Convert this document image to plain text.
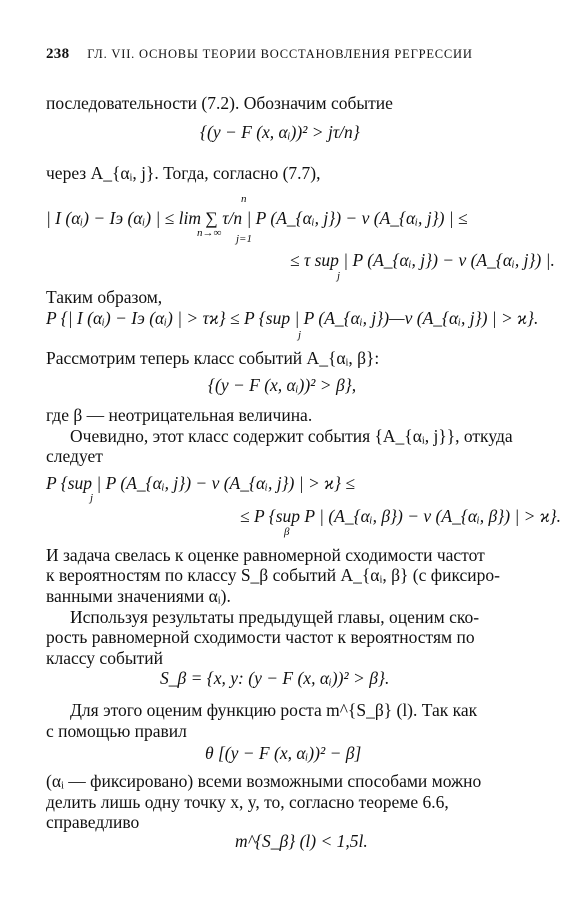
238 ГЛ. VII. ОСНОВЫ ТЕОРИИ ВОССТАНОВЛЕНИЯ РЕГРЕССИИ
последовательности (7.2). Обозначим событие
{(y − F (x, αᵢ))² > jτ/n}
через A_{αᵢ, j}. Тогда, согласно (7.7),
| I (αᵢ) − Iэ (αᵢ) | ≤ lim ∑ τ/n | P (A_{αᵢ, j}) − ν (A_{αᵢ, j}) | ≤
n→∞
n
j=1
≤ τ sup | P (A_{αᵢ, j}) − ν (A_{αᵢ, j}) |.
j
Таким образом,
P {| I (αᵢ) − Iэ (αᵢ) | > τϰ} ≤ P {sup | P (A_{αᵢ, j})—ν (A_{αᵢ, j}) | > ϰ}.
j
Рассмотрим теперь класс событий A_{αᵢ, β}:
{(y − F (x, αᵢ))² > β},
где β — неотрицательная величина.
Очевидно, этот класс содержит события {A_{αᵢ, j}}, откуда
следует
P {sup | P (A_{αᵢ, j}) − ν (A_{αᵢ, j}) | > ϰ} ≤
j
≤ P {sup P | (A_{αᵢ, β}) − ν (A_{αᵢ, β}) | > ϰ}.
β
И задача свелась к оценке равномерной сходимости частот
к вероятностям по классу S_β событий A_{αᵢ, β} (с фиксиро-
ванными значениями αᵢ).
Используя результаты предыдущей главы, оценим ско-
рость равномерной сходимости частот к вероятностям по
классу событий
S_β = {x, y: (y − F (x, αᵢ))² > β}.
Для этого оценим функцию роста m^{S_β} (l). Так как
с помощью правил
θ [(y − F (x, αᵢ))² − β]
(αᵢ — фиксировано) всеми возможными способами можно
делить лишь одну точку x, y, то, согласно теореме 6.6,
справедливо
m^{S_β} (l) < 1,5l.
